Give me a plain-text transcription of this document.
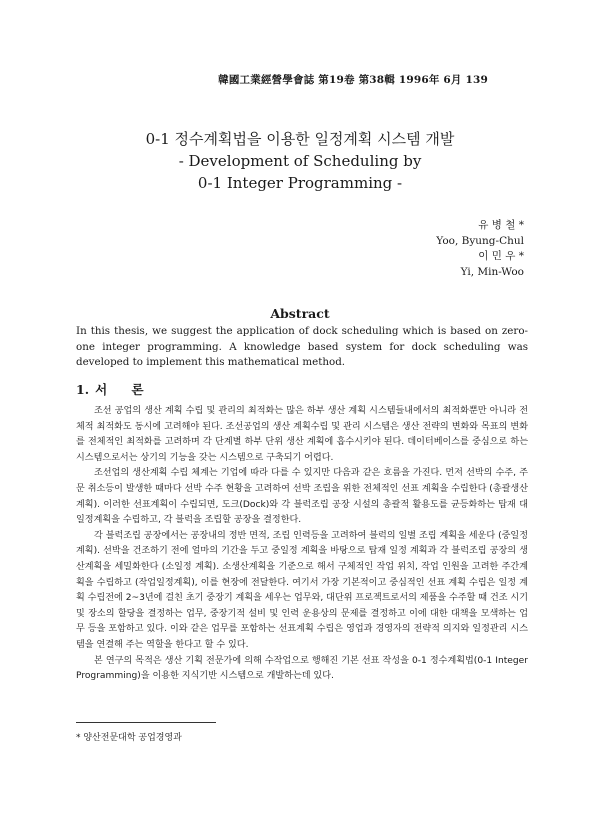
韓國工業經營學會誌 第19卷 第38輯 1996年 6月 139
0-1 정수계획법을 이용한 일정계획 시스템 개발
- Development of Scheduling by
0-1 Integer Programming -
유 병 철 *
Yoo, Byung-Chul
이 민 우 *
Yi, Min-Woo
Abstract
In this thesis, we suggest the application of dock scheduling which is based on zero-one integer programming. A knowledge based system for dock scheduling was developed to implement this mathematical method.
1. 서 론

조선 공업의 생산 계획 수립 및 관리의 최적화는 많은 하부 생산 계획 시스템들내에서의 최적화뿐만 아니라 전체적 최적화도 동시에 고려해야 된다. 조선공업의 생산 계획수립 및 관리 시스템은 생산 전략의 변화와 목표의 변화를 전체적인 최적화를 고려하며 각 단계별 하부 단위 생산 계획에 흡수시키야 된다. 데이터베이스를 중심으로 하는 시스템으로서는 상기의 기능을 갖는 시스템으로 구축되기 어렵다.

조선업의 생산계획 수립 체계는 기업에 따라 다를 수 있지만 다음과 같은 흐름을 가진다. 먼저 선박의 수주, 주문 취소등이 발생한 때마다 선박 수주 현황을 고려하여 선박 조립을 위한 전체적인 선표 계획을 수립한다 (총괄생산계획). 이러한 선표계획이 수립되면, 도크(Dock)와 각 블럭조립 공장 시설의 총괄적 활용도를 균등화하는 탑재 대 일정계획을 수립하고, 각 블럭을 조립할 공장을 결정한다.

각 블럭조립 공장에서는 공장내의 정반 면적, 조립 인력등을 고려하여 블럭의 일별 조립 계획을 세운다 (중일정 계획). 선박을 건조하기 전에 얼마의 기간을 두고 중일정 계획을 바탕으로 탑재 일정 계획과 각 블럭조립 공장의 생산계획을 세밀화한다 (소일정 계획). 소생산계획을 기준으로 해서 구체적인 작업 위치, 작업 인원을 고려한 주간계획을 수립하고 (작업일정계획), 이를 현장에 전달한다. 여기서 가장 기본적이고 중심적인 선표 계획 수립은 일정 계획 수립전에 2~3년에 걸친 초기 중장기 계획을 세우는 업무와, 대단위 프로젝트로서의 제품을 수주할 때 건조 시기 및 장소의 할당을 결정하는 업무, 중장기적 설비 및 인력 운용상의 문제를 결정하고 이에 대한 대책을 모색하는 업무 등을 포함하고 있다. 이와 같은 업무를 포함하는 선표계획 수립은 영업과 경영자의 전략적 의지와 일정관리 시스템을 연결해 주는 역할을 한다고 할 수 있다.

본 연구의 목적은 생산 기획 전문가에 의해 수작업으로 행해진 기본 선표 작성을 0-1 정수계획법(0-1 Integer Programming)을 이용한 지식기반 시스템으로 개발하는데 있다.

* 양산전문대학 공업경영과
